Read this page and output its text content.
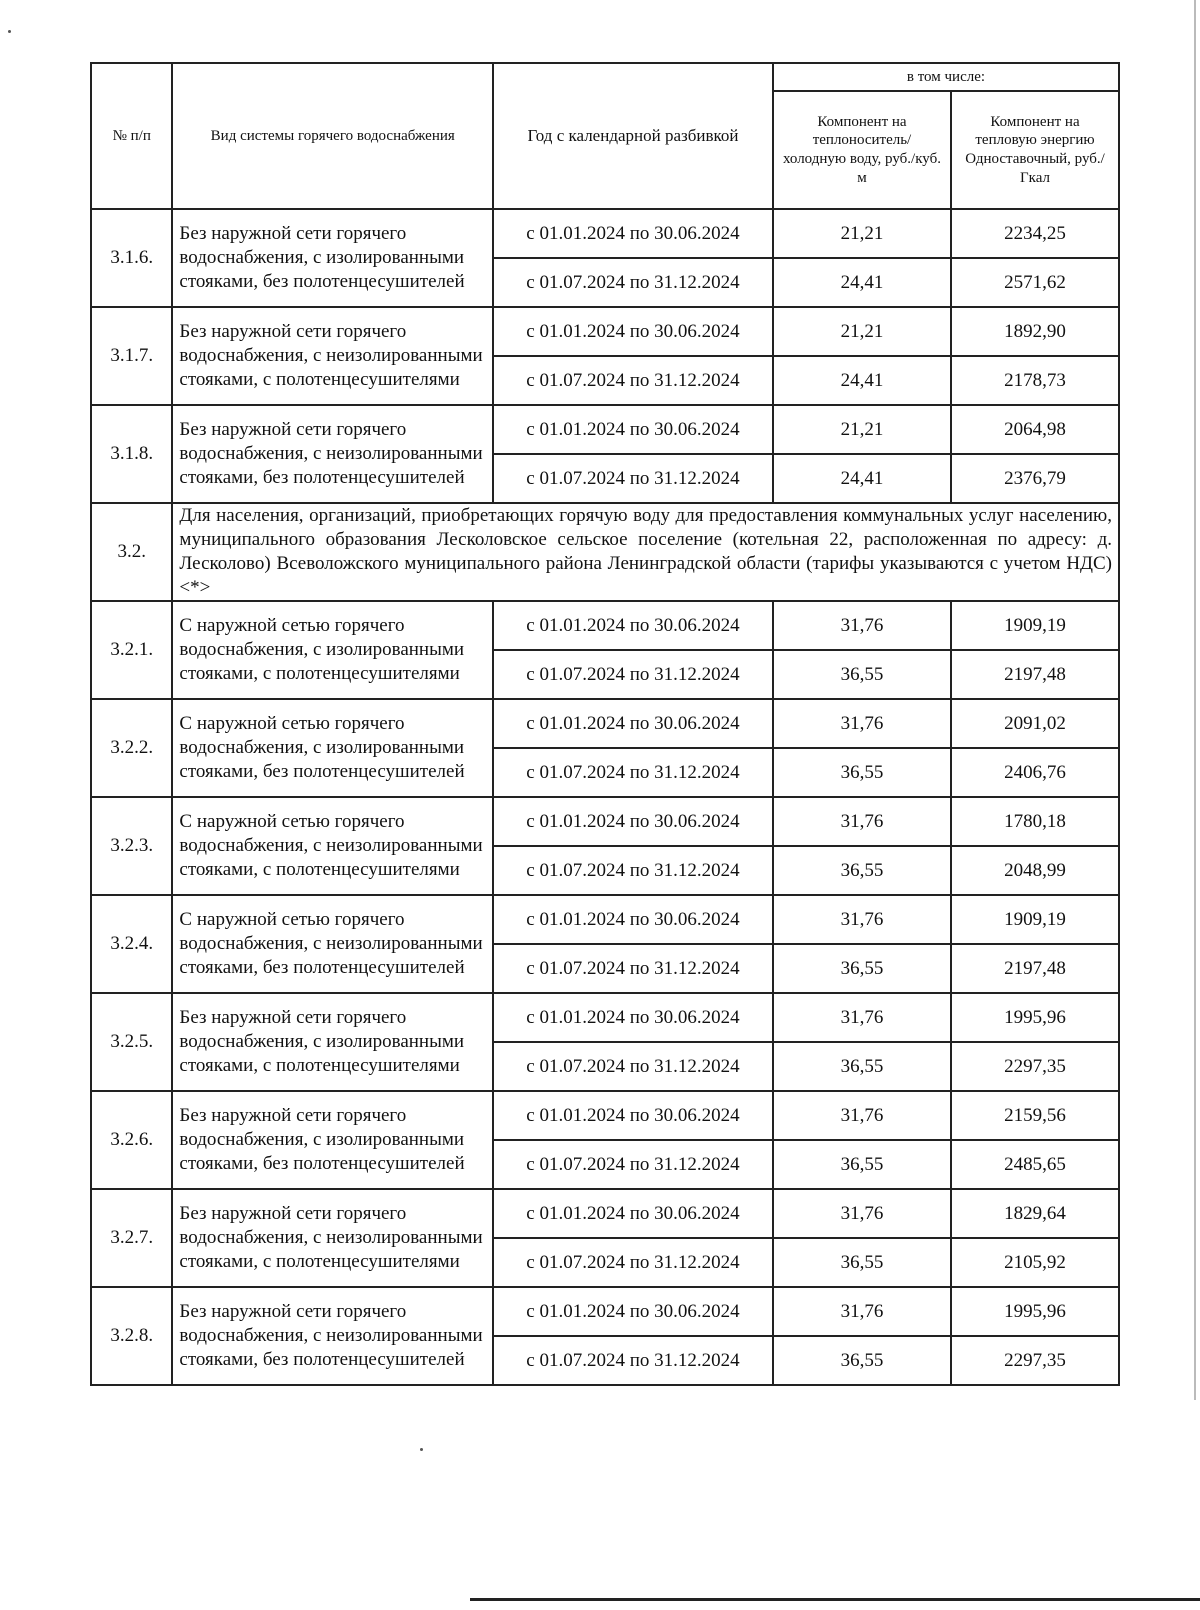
№ п/п	Вид системы горячего водоснабжения	Год с календарной разбивкой	в том числе:	
			Компонент на теплоноситель/ холодную воду, руб./куб. м	Компонент на тепловую энергию Одноставочный, руб./Гкал
3.1.6.	Без наружной сети горячего водоснабжения, с изолированными стояками, без полотенцесушителей	с 01.01.2024 по 30.06.2024	21,21	2234,25
		с 01.07.2024 по 31.12.2024	24,41	2571,62
3.1.7.	Без наружной сети горячего водоснабжения, с неизолированными стояками, с полотенцесушителями	с 01.01.2024 по 30.06.2024	21,21	1892,90
		с 01.07.2024 по 31.12.2024	24,41	2178,73
3.1.8.	Без наружной сети горячего водоснабжения, с неизолированными стояками, без полотенцесушителей	с 01.01.2024 по 30.06.2024	21,21	2064,98
		с 01.07.2024 по 31.12.2024	24,41	2376,79
3.2.	Для населения, организаций, приобретающих горячую воду для предоставления коммунальных услуг населению, муниципального образования Лесколовское сельское поселение (котельная 22, расположенная по адресу: д. Лесколово) Всеволожского муниципального района Ленинградской области (тарифы указываются с учетом НДС) <*>			
3.2.1.	С наружной сетью горячего водоснабжения, с изолированными стояками, с полотенцесушителями	с 01.01.2024 по 30.06.2024	31,76	1909,19
		с 01.07.2024 по 31.12.2024	36,55	2197,48
3.2.2.	С наружной сетью горячего водоснабжения, с изолированными стояками, без полотенцесушителей	с 01.01.2024 по 30.06.2024	31,76	2091,02
		с 01.07.2024 по 31.12.2024	36,55	2406,76
3.2.3.	С наружной сетью горячего водоснабжения, с неизолированными стояками, с полотенцесушителями	с 01.01.2024 по 30.06.2024	31,76	1780,18
		с 01.07.2024 по 31.12.2024	36,55	2048,99
3.2.4.	С наружной сетью горячего водоснабжения, с неизолированными стояками, без полотенцесушителей	с 01.01.2024 по 30.06.2024	31,76	1909,19
		с 01.07.2024 по 31.12.2024	36,55	2197,48
3.2.5.	Без наружной сети горячего водоснабжения, с изолированными стояками, с полотенцесушителями	с 01.01.2024 по 30.06.2024	31,76	1995,96
		с 01.07.2024 по 31.12.2024	36,55	2297,35
3.2.6.	Без наружной сети горячего водоснабжения, с изолированными стояками, без полотенцесушителей	с 01.01.2024 по 30.06.2024	31,76	2159,56
		с 01.07.2024 по 31.12.2024	36,55	2485,65
3.2.7.	Без наружной сети горячего водоснабжения, с неизолированными стояками, с полотенцесушителями	с 01.01.2024 по 30.06.2024	31,76	1829,64
		с 01.07.2024 по 31.12.2024	36,55	2105,92
3.2.8.	Без наружной сети горячего водоснабжения, с неизолированными стояками, без полотенцесушителей	с 01.01.2024 по 30.06.2024	31,76	1995,96
		с 01.07.2024 по 31.12.2024	36,55	2297,35
